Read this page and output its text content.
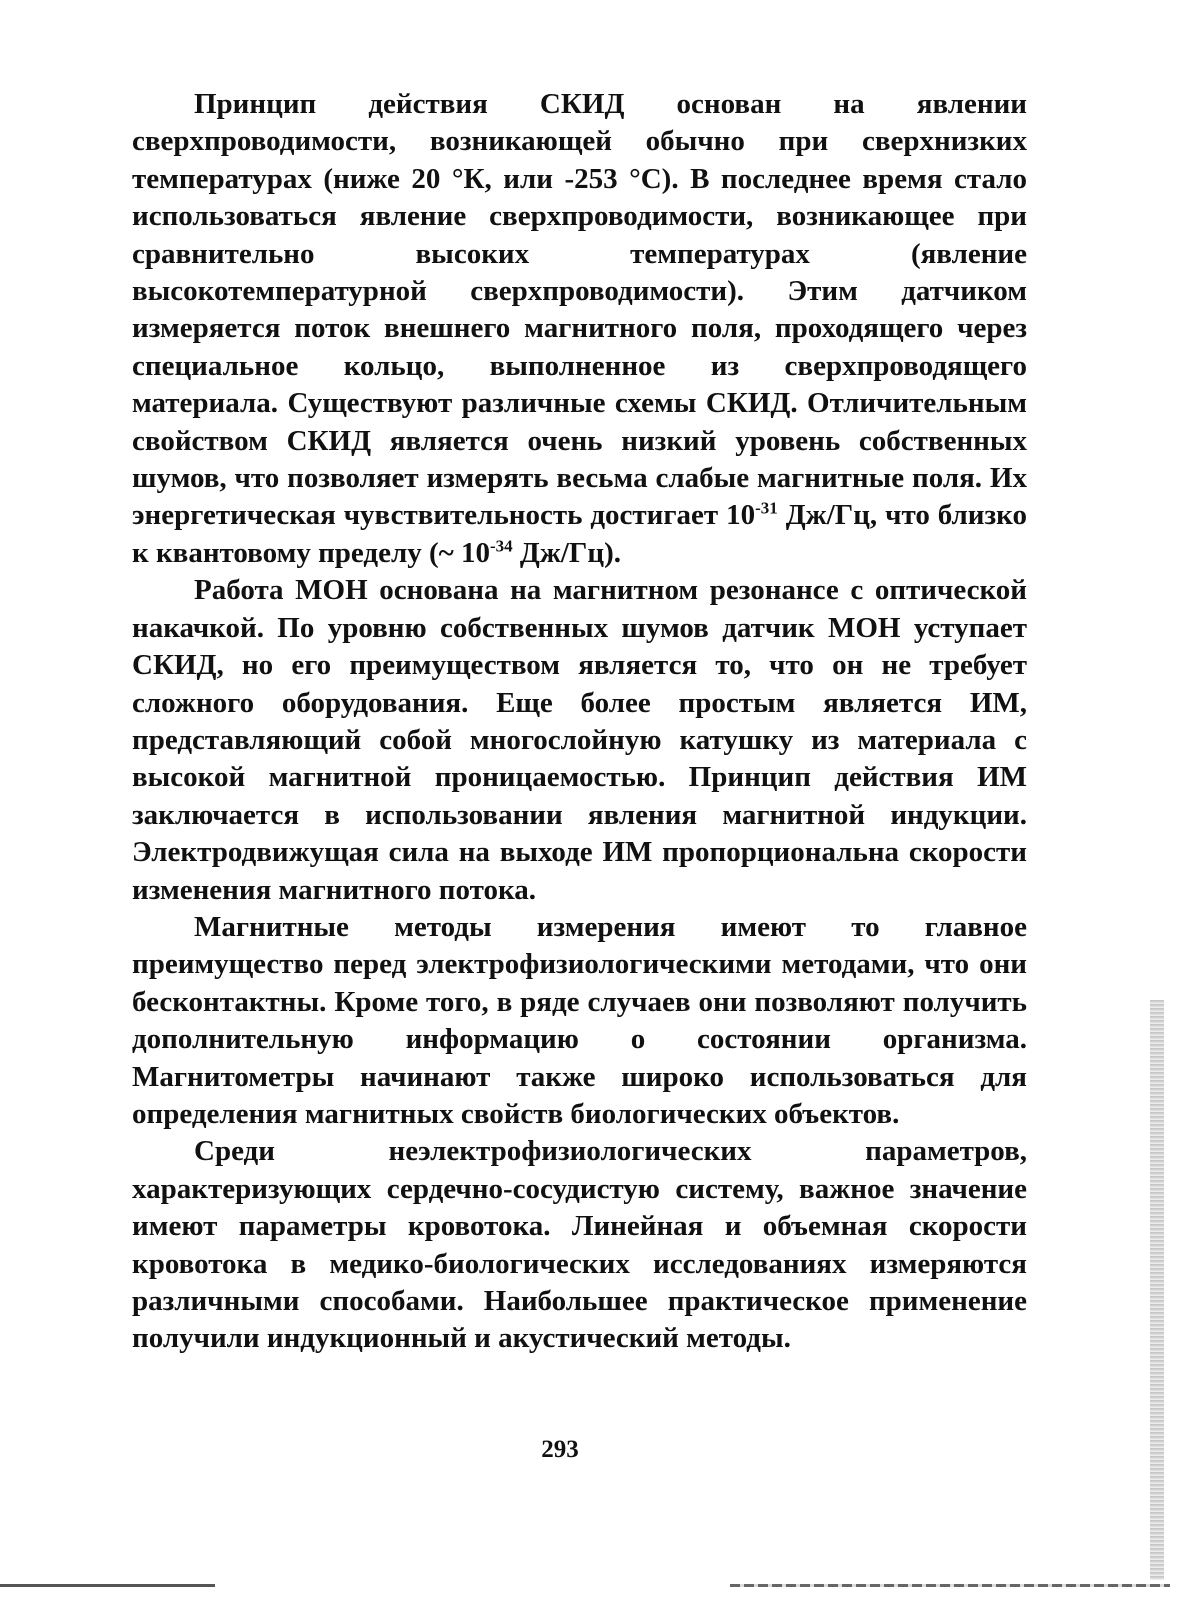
Принцип действия СКИД основан на явлении сверхпроводимости, возникающей обычно при сверхнизких температурах (ниже 20 °К, или -253 °С). В последнее время стало использоваться явление сверхпроводимости, возникающее при сравнительно высоких температурах (явление высокотемпературной сверхпроводимости). Этим датчиком измеряется поток внешнего магнитного поля, проходящего через специальное кольцо, выполненное из сверхпроводящего материала. Существуют различные схемы СКИД. Отличительным свойством СКИД является очень низкий уровень собственных шумов, что позволяет измерять весьма слабые магнитные поля. Их энергетическая чувствительность достигает $10^{-31}$ Дж/Гц, что близко к квантовому пределу (~ $10^{-34}$ Дж/Гц).

Работа МОН основана на магнитном резонансе с оптической накачкой. По уровню собственных шумов датчик МОН уступает СКИД, но его преимуществом является то, что он не требует сложного оборудования. Еще более простым является ИМ, представляющий собой многослойную катушку из материала с высокой магнитной проницаемостью. Принцип действия ИМ заключается в использовании явления магнитной индукции. Электродвижущая сила на выходе ИМ пропорциональна скорости изменения магнитного потока.

Магнитные методы измерения имеют то главное преимущество перед электрофизиологическими методами, что они бесконтактны. Кроме того, в ряде случаев они позволяют получить дополнительную информацию о состоянии организма. Магнитометры начинают также широко использоваться для определения магнитных свойств биологических объектов.

Среди неэлектрофизиологических параметров, характеризующих сердечно-сосудистую систему, важное значение имеют параметры кровотока. Линейная и объемная скорости кровотока в медико-биологических исследованиях измеряются различными способами. Наибольшее практическое применение получили индукционный и акустический методы.

293
